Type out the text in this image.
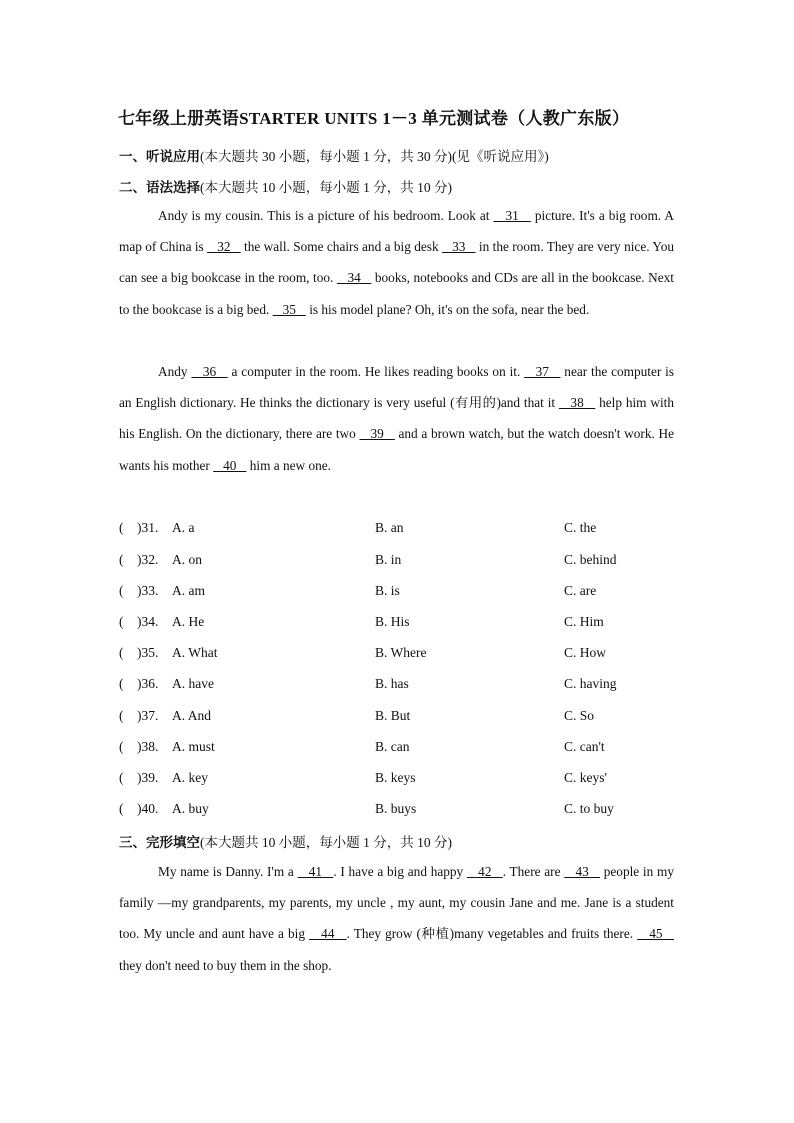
七年级上册英语STARTER UNITS 1－3 单元测试卷（人教广东版）
一、听说应用(本大题共 30 小题，每小题 1 分，共 30 分)(见《听说应用》)
二、语法选择(本大题共 10 小题，每小题 1 分，共 10 分)
Andy is my cousin. This is a picture of his bedroom. Look at    31    picture. It's a big room. A map of China is    32    the wall. Some chairs and a big desk    33    in the room. They are very nice. You can see a big bookcase in the room, too.    34    books, notebooks and CDs are all in the bookcase. Next to the bookcase is a big bed.    35    is his model plane? Oh, it's on the sofa, near the bed.
Andy    36    a computer in the room. He likes reading books on it.    37    near the computer is an English dictionary. He thinks the dictionary is very useful (有用的)and that it    38    help him with his English. On the dictionary, there are two    39    and a brown watch, but the watch doesn't work. He wants his mother    40    him a new one.
(    )31. A. a	B. an	C. the
(    )32. A. on	B. in	C. behind
(    )33. A. am	B. is	C. are
(    )34. A. He	B. His	C. Him
(    )35. A. What	B. Where	C. How
(    )36. A. have	B. has	C. having
(    )37. A. And	B. But	C. So
(    )38. A. must	B. can	C. can't
(    )39. A. key	B. keys	C. keys'
(    )40. A. buy	B. buys	C. to buy
三、完形填空(本大题共 10 小题，每小题 1 分，共 10 分)
My name is Danny. I'm a    41   . I have a big and happy    42   . There are    43    people in my family —my grandparents, my parents, my uncle , my aunt, my cousin Jane and me. Jane is a student too. My uncle and aunt have a big    44   . They grow (种植)many vegetables and fruits there.    45    they don't need to buy them in the shop.
